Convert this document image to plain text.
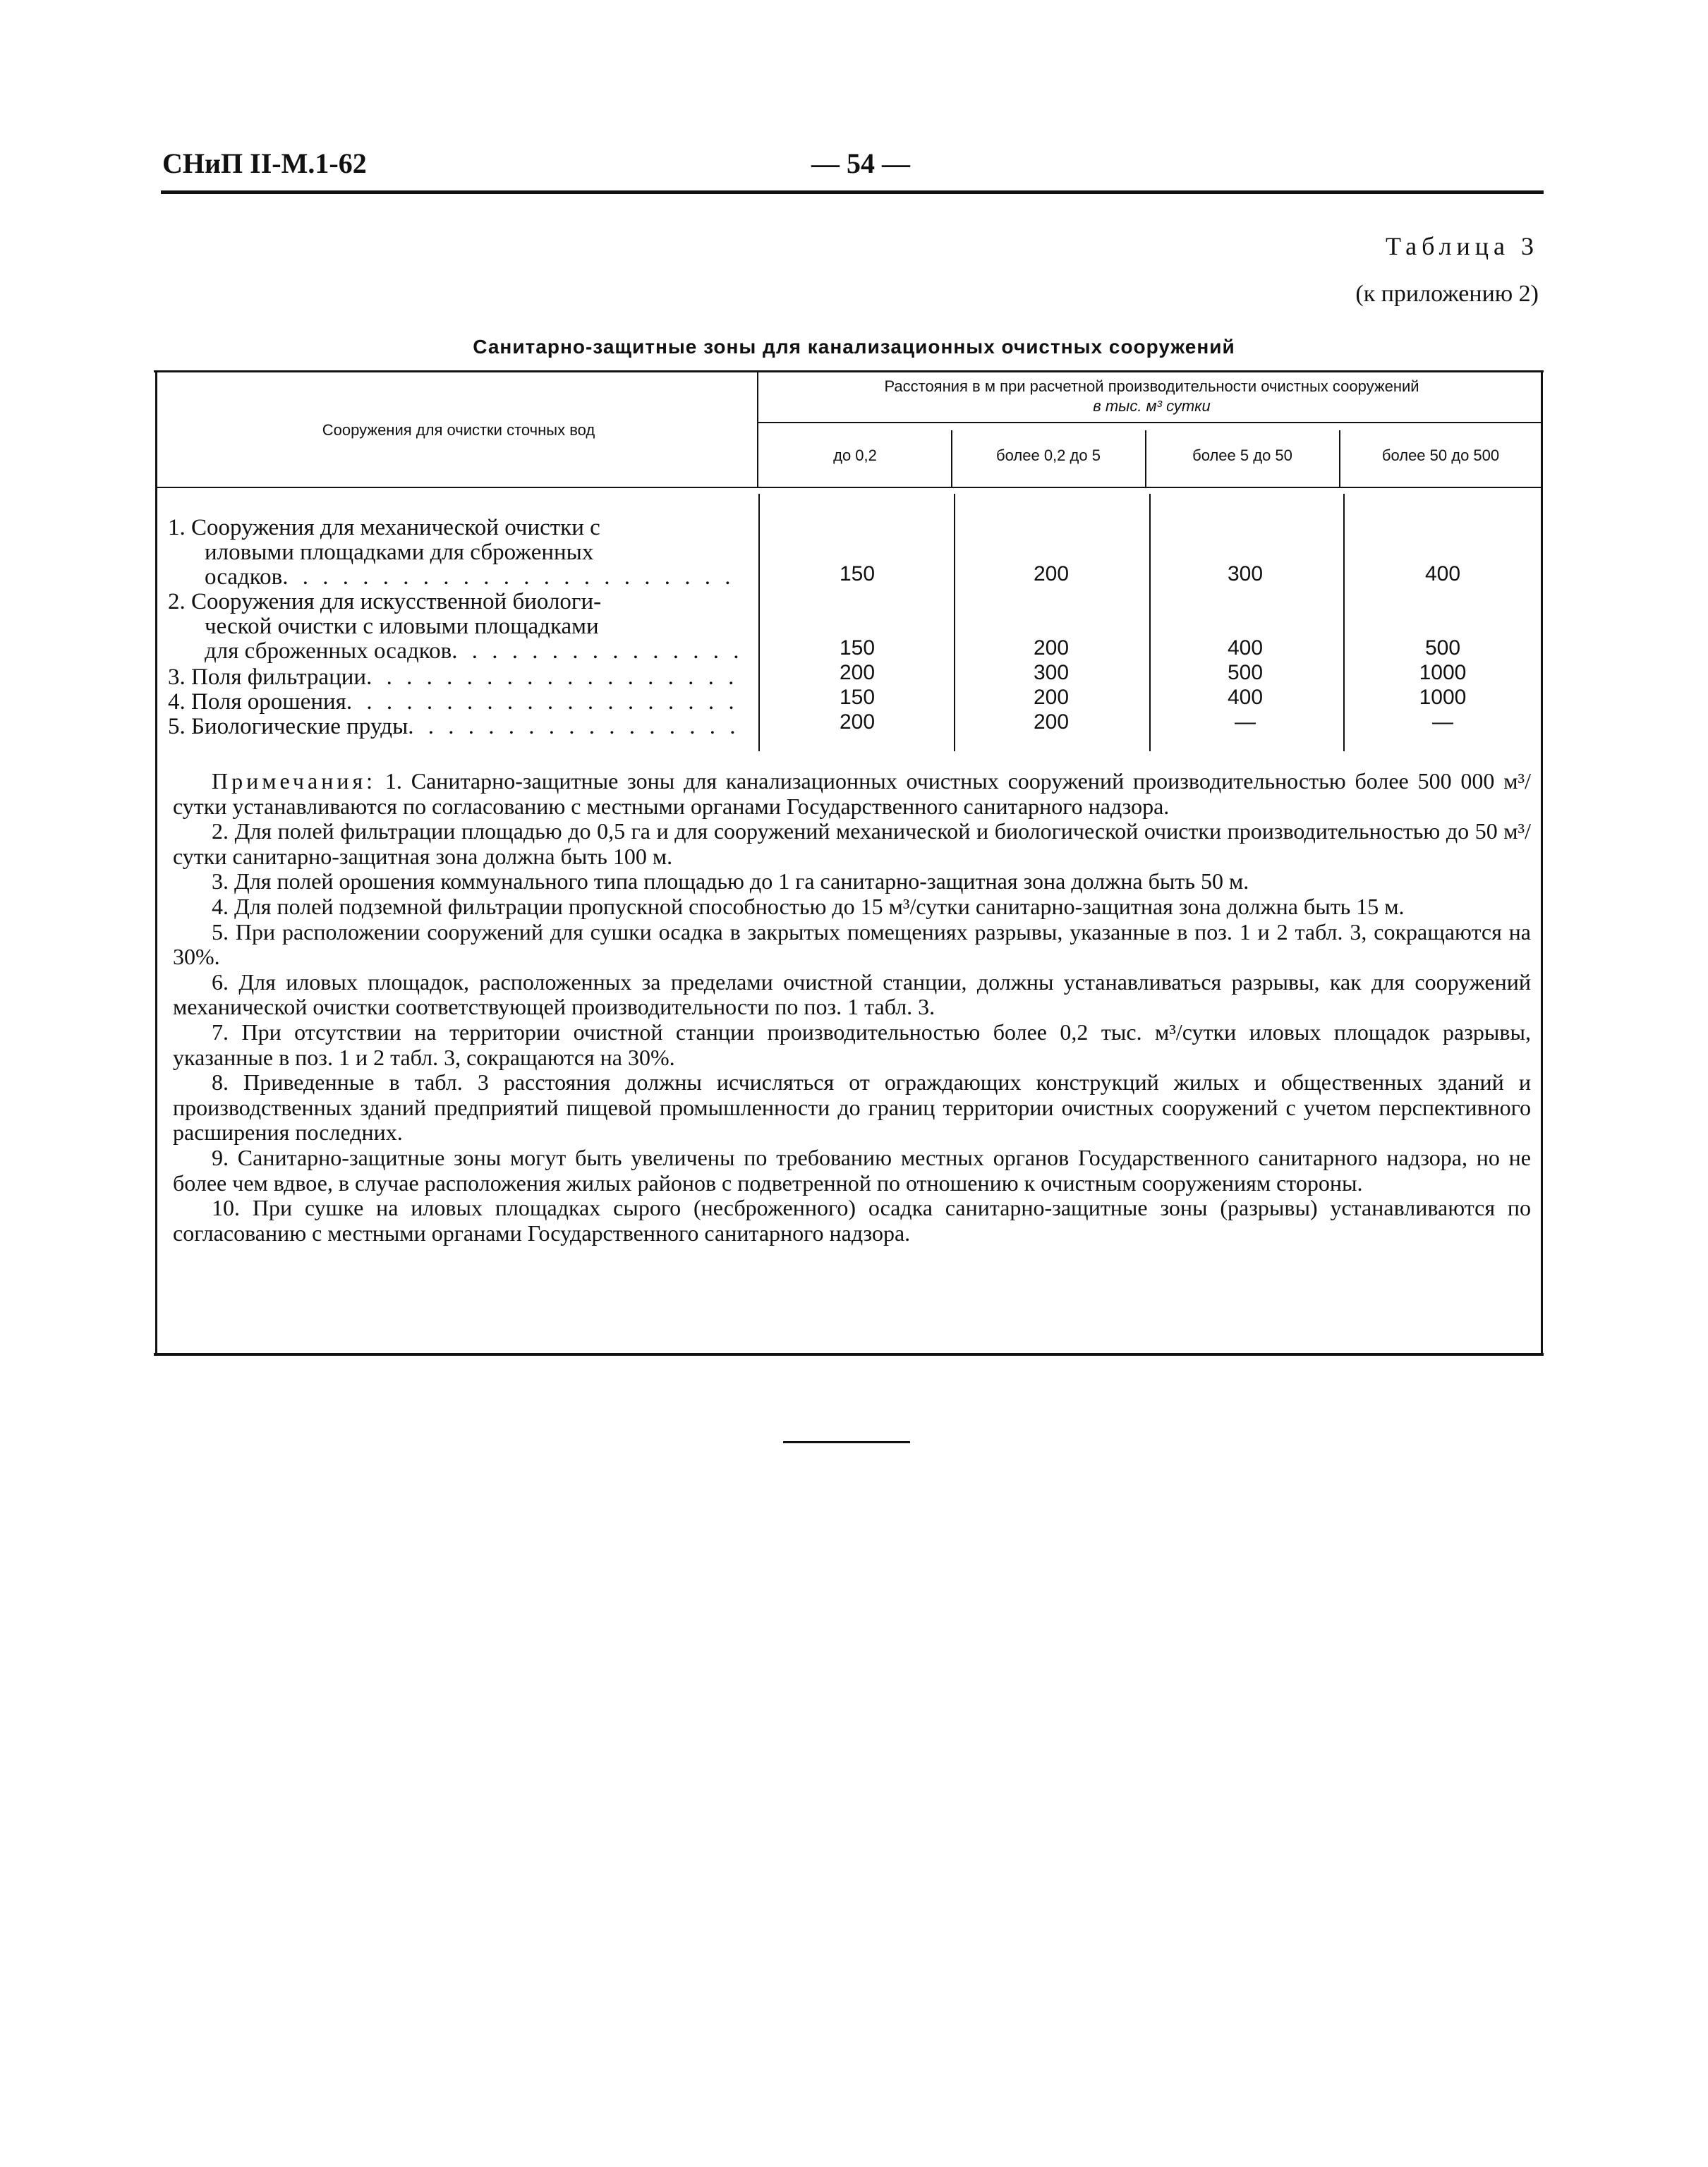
СНиП II-М.1-62	— 54 —
Таблица 3
(к приложению 2)
Санитарно-защитные зоны для канализационных очистных сооружений
Сооружения для очистки сточных вод
Расстояния в м при расчетной производительности очистных сооружений
в тыс. м³ сутки
до 0,2	более 0,2 до 5	более 5 до 50	более 50 до 500
1. Сооружения для механической очистки с
иловыми площадками для сброженных
осадков . . .	150	200	300	400
2. Сооружения для искусственной биологи-
ческой очистки с иловыми площадками
для сброженных осадков . . .	150	200	400	500
3. Поля фильтрации . . .	200	300	500	1000
4. Поля орошения . . .	150	200	400	1000
5. Биологические пруды . . .	200	200	—	—

Примечания: 1. Санитарно-защитные зоны для канализационных очистных сооружений производительностью более 500 000 м³/сутки устанавливаются по согласованию с местными органами Государственного санитарного надзора.

2. Для полей фильтрации площадью до 0,5 га и для сооружений механической и биологической очистки производительностью до 50 м³/сутки санитарно-защитная зона должна быть 100 м.

3. Для полей орошения коммунального типа площадью до 1 га санитарно-защитная зона должна быть 50 м.

4. Для полей подземной фильтрации пропускной способностью до 15 м³/сутки санитарно-защитная зона должна быть 15 м.

5. При расположении сооружений для сушки осадка в закрытых помещениях разрывы, указанные в поз. 1 и 2 табл. 3, сокращаются на 30%.

6. Для иловых площадок, расположенных за пределами очистной станции, должны устанавливаться разрывы, как для сооружений механической очистки соответствующей производительности по поз. 1 табл. 3.

7. При отсутствии на территории очистной станции производительностью более 0,2 тыс. м³/сутки иловых площадок разрывы, указанные в поз. 1 и 2 табл. 3, сокращаются на 30%.

8. Приведенные в табл. 3 расстояния должны исчисляться от ограждающих конструкций жилых и общественных зданий и производственных зданий предприятий пищевой промышленности до границ территории очистных сооружений с учетом перспективного расширения последних.

9. Санитарно-защитные зоны могут быть увеличены по требованию местных органов Государственного санитарного надзора, но не более чем вдвое, в случае расположения жилых районов с подветренной по отношению к очистным сооружениям стороны.

10. При сушке на иловых площадках сырого (несброженного) осадка санитарно-защитные зоны (разрывы) устанавливаются по согласованию с местными органами Государственного санитарного надзора.
